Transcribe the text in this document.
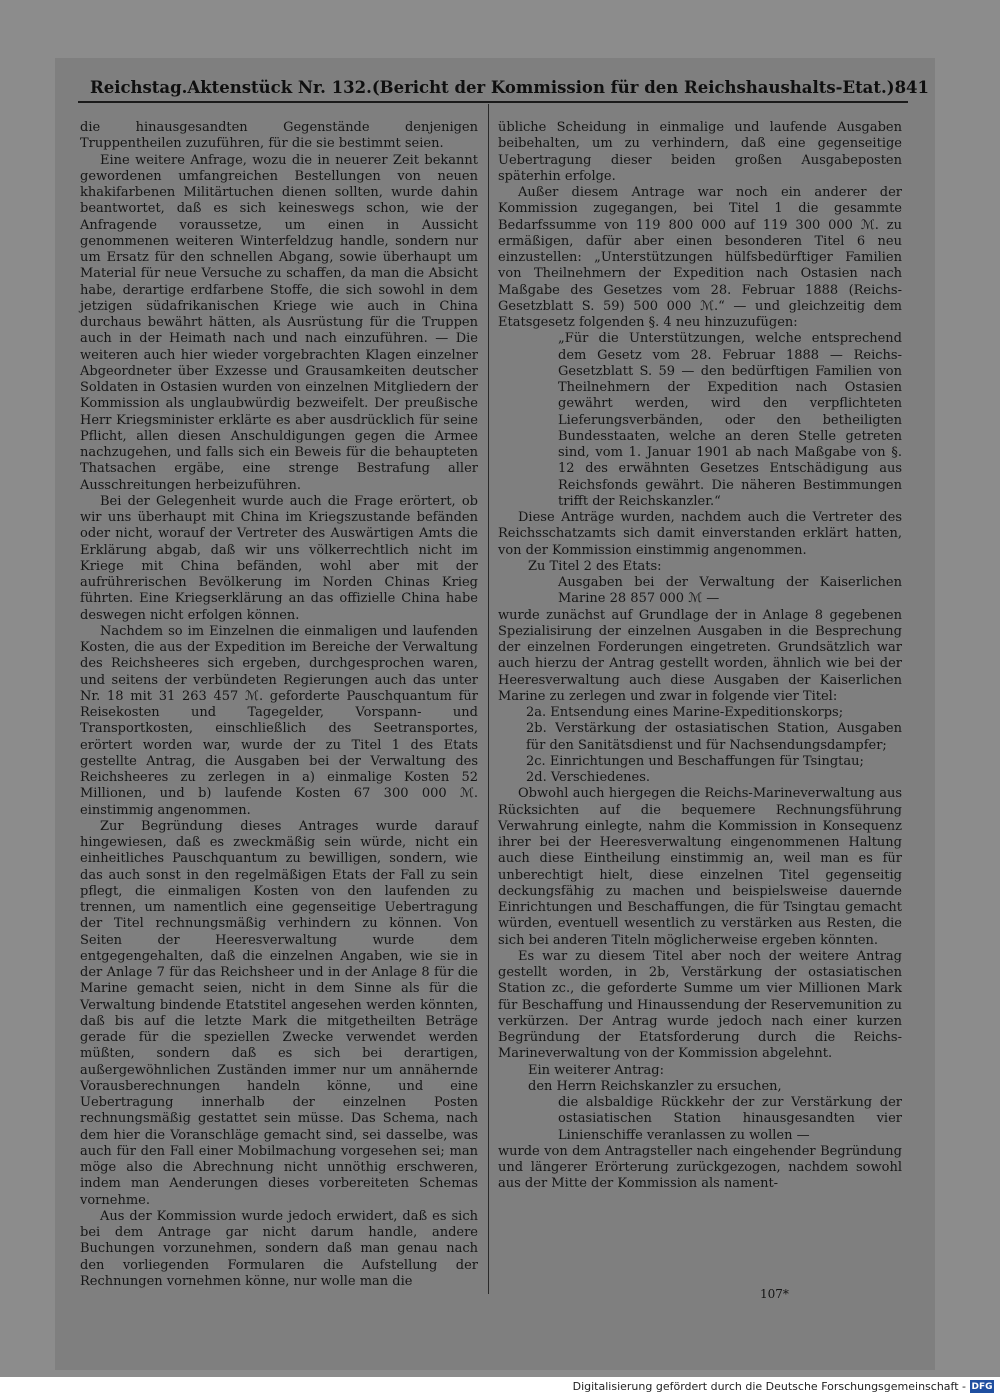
Reichstag. Aktenstück Nr. 132. (Bericht der Kommission für den Reichshaushalts-Etat.) 841

die hinausgesandten Gegenstände denjenigen Truppentheilen zuzuführen, für die sie bestimmt seien.

Eine weitere Anfrage, wozu die in neuerer Zeit bekannt gewordenen umfangreichen Bestellungen von neuen khakifarbenen Militärtuchen dienen sollten, wurde dahin beantwortet, daß es sich keineswegs schon, wie der Anfragende voraussetze, um einen in Aussicht genommenen weiteren Winterfeldzug handle, sondern nur um Ersatz für den schnellen Abgang, sowie überhaupt um Material für neue Versuche zu schaffen, da man die Absicht habe, derartige erdfarbene Stoffe, die sich sowohl in dem jetzigen südafrikanischen Kriege wie auch in China durchaus bewährt hätten, als Ausrüstung für die Truppen auch in der Heimath nach und nach einzuführen. — Die weiteren auch hier wieder vorgebrachten Klagen einzelner Abgeordneter über Exzesse und Grausamkeiten deutscher Soldaten in Ostasien wurden von einzelnen Mitgliedern der Kommission als unglaubwürdig bezweifelt. Der preußische Herr Kriegsminister erklärte es aber ausdrücklich für seine Pflicht, allen diesen Anschuldigungen gegen die Armee nachzugehen, und falls sich ein Beweis für die behaupteten Thatsachen ergäbe, eine strenge Bestrafung aller Ausschreitungen herbeizuführen.

Bei der Gelegenheit wurde auch die Frage erörtert, ob wir uns überhaupt mit China im Kriegszustande befänden oder nicht, worauf der Vertreter des Auswärtigen Amts die Erklärung abgab, daß wir uns völkerrechtlich nicht im Kriege mit China befänden, wohl aber mit der aufrührerischen Bevölkerung im Norden Chinas Krieg führten. Eine Kriegserklärung an das offizielle China habe deswegen nicht erfolgen können.

Nachdem so im Einzelnen die einmaligen und laufenden Kosten, die aus der Expedition im Bereiche der Verwaltung des Reichsheeres sich ergeben, durchgesprochen waren, und seitens der verbündeten Regierungen auch das unter Nr. 18 mit 31 263 457 ℳ. geforderte Pauschquantum für Reisekosten und Tagegelder, Vorspann- und Transportkosten, einschließlich des Seetransportes, erörtert worden war, wurde der zu Titel 1 des Etats gestellte Antrag, die Ausgaben bei der Verwaltung des Reichsheeres zu zerlegen in a) einmalige Kosten 52 Millionen, und b) laufende Kosten 67 300 000 ℳ. einstimmig angenommen.

Zur Begründung dieses Antrages wurde darauf hingewiesen, daß es zweckmäßig sein würde, nicht ein einheitliches Pauschquantum zu bewilligen, sondern, wie das auch sonst in den regelmäßigen Etats der Fall zu sein pflegt, die einmaligen Kosten von den laufenden zu trennen, um namentlich eine gegenseitige Uebertragung der Titel rechnungsmäßig verhindern zu können. Von Seiten der Heeresverwaltung wurde dem entgegengehalten, daß die einzelnen Angaben, wie sie in der Anlage 7 für das Reichsheer und in der Anlage 8 für die Marine gemacht seien, nicht in dem Sinne als für die Verwaltung bindende Etatstitel angesehen werden könnten, daß bis auf die letzte Mark die mitgetheilten Beträge gerade für die speziellen Zwecke verwendet werden müßten, sondern daß es sich bei derartigen, außergewöhnlichen Zuständen immer nur um annähernde Vorausberechnungen handeln könne, und eine Uebertragung innerhalb der einzelnen Posten rechnungsmäßig gestattet sein müsse. Das Schema, nach dem hier die Voranschläge gemacht sind, sei dasselbe, was auch für den Fall einer Mobilmachung vorgesehen sei; man möge also die Abrechnung nicht unnöthig erschweren, indem man Aenderungen dieses vorbereiteten Schemas vornehme.

Aus der Kommission wurde jedoch erwidert, daß es sich bei dem Antrage gar nicht darum handle, andere Buchungen vorzunehmen, sondern daß man genau nach den vorliegenden Formularen die Aufstellung der Rechnungen vornehmen könne, nur wolle man die

übliche Scheidung in einmalige und laufende Ausgaben beibehalten, um zu verhindern, daß eine gegenseitige Uebertragung dieser beiden großen Ausgabeposten späterhin erfolge.

Außer diesem Antrage war noch ein anderer der Kommission zugegangen, bei Titel 1 die gesammte Bedarfssumme von 119 800 000 auf 119 300 000 ℳ. zu ermäßigen, dafür aber einen besonderen Titel 6 neu einzustellen: „Unterstützungen hülfsbedürftiger Familien von Theilnehmern der Expedition nach Ostasien nach Maßgabe des Gesetzes vom 28. Februar 1888 (Reichs-Gesetzblatt S. 59) 500 000 ℳ.“ — und gleichzeitig dem Etatsgesetz folgenden §. 4 neu hinzuzufügen:

„Für die Unterstützungen, welche entsprechend dem Gesetz vom 28. Februar 1888 — Reichs-Gesetzblatt S. 59 — den bedürftigen Familien von Theilnehmern der Expedition nach Ostasien gewährt werden, wird den verpflichteten Lieferungsverbänden, oder den betheiligten Bundesstaaten, welche an deren Stelle getreten sind, vom 1. Januar 1901 ab nach Maßgabe von §. 12 des erwähnten Gesetzes Entschädigung aus Reichsfonds gewährt. Die näheren Bestimmungen trifft der Reichskanzler.“

Diese Anträge wurden, nachdem auch die Vertreter des Reichsschatzamts sich damit einverstanden erklärt hatten, von der Kommission einstimmig angenommen.

Zu Titel 2 des Etats:

Ausgaben bei der Verwaltung der Kaiserlichen Marine 28 857 000 ℳ —

wurde zunächst auf Grundlage der in Anlage 8 gegebenen Spezialisirung der einzelnen Ausgaben in die Besprechung der einzelnen Forderungen eingetreten. Grundsätzlich war auch hierzu der Antrag gestellt worden, ähnlich wie bei der Heeresverwaltung auch diese Ausgaben der Kaiserlichen Marine zu zerlegen und zwar in folgende vier Titel:

2a. Entsendung eines Marine-Expeditionskorps;

2b. Verstärkung der ostasiatischen Station, Ausgaben für den Sanitätsdienst und für Nachsendungsdampfer;

2c. Einrichtungen und Beschaffungen für Tsingtau;

2d. Verschiedenes.

Obwohl auch hiergegen die Reichs-Marineverwaltung aus Rücksichten auf die bequemere Rechnungsführung Verwahrung einlegte, nahm die Kommission in Konsequenz ihrer bei der Heeresverwaltung eingenommenen Haltung auch diese Eintheilung einstimmig an, weil man es für unberechtigt hielt, diese einzelnen Titel gegenseitig deckungsfähig zu machen und beispielsweise dauernde Einrichtungen und Beschaffungen, die für Tsingtau gemacht würden, eventuell wesentlich zu verstärken aus Resten, die sich bei anderen Titeln möglicherweise ergeben könnten.

Es war zu diesem Titel aber noch der weitere Antrag gestellt worden, in 2b, Verstärkung der ostasiatischen Station zc., die geforderte Summe um vier Millionen Mark für Beschaffung und Hinaussendung der Reservemunition zu verkürzen. Der Antrag wurde jedoch nach einer kurzen Begründung der Etatsforderung durch die Reichs-Marineverwaltung von der Kommission abgelehnt.

Ein weiterer Antrag:

den Herrn Reichskanzler zu ersuchen,

die alsbaldige Rückkehr der zur Verstärkung der ostasiatischen Station hinausgesandten vier Linienschiffe veranlassen zu wollen —

wurde von dem Antragsteller nach eingehender Begründung und längerer Erörterung zurückgezogen, nachdem sowohl aus der Mitte der Kommission als nament-

107*
Digitalisierung gefördert durch die Deutsche Forschungsgemeinschaft - DFG
